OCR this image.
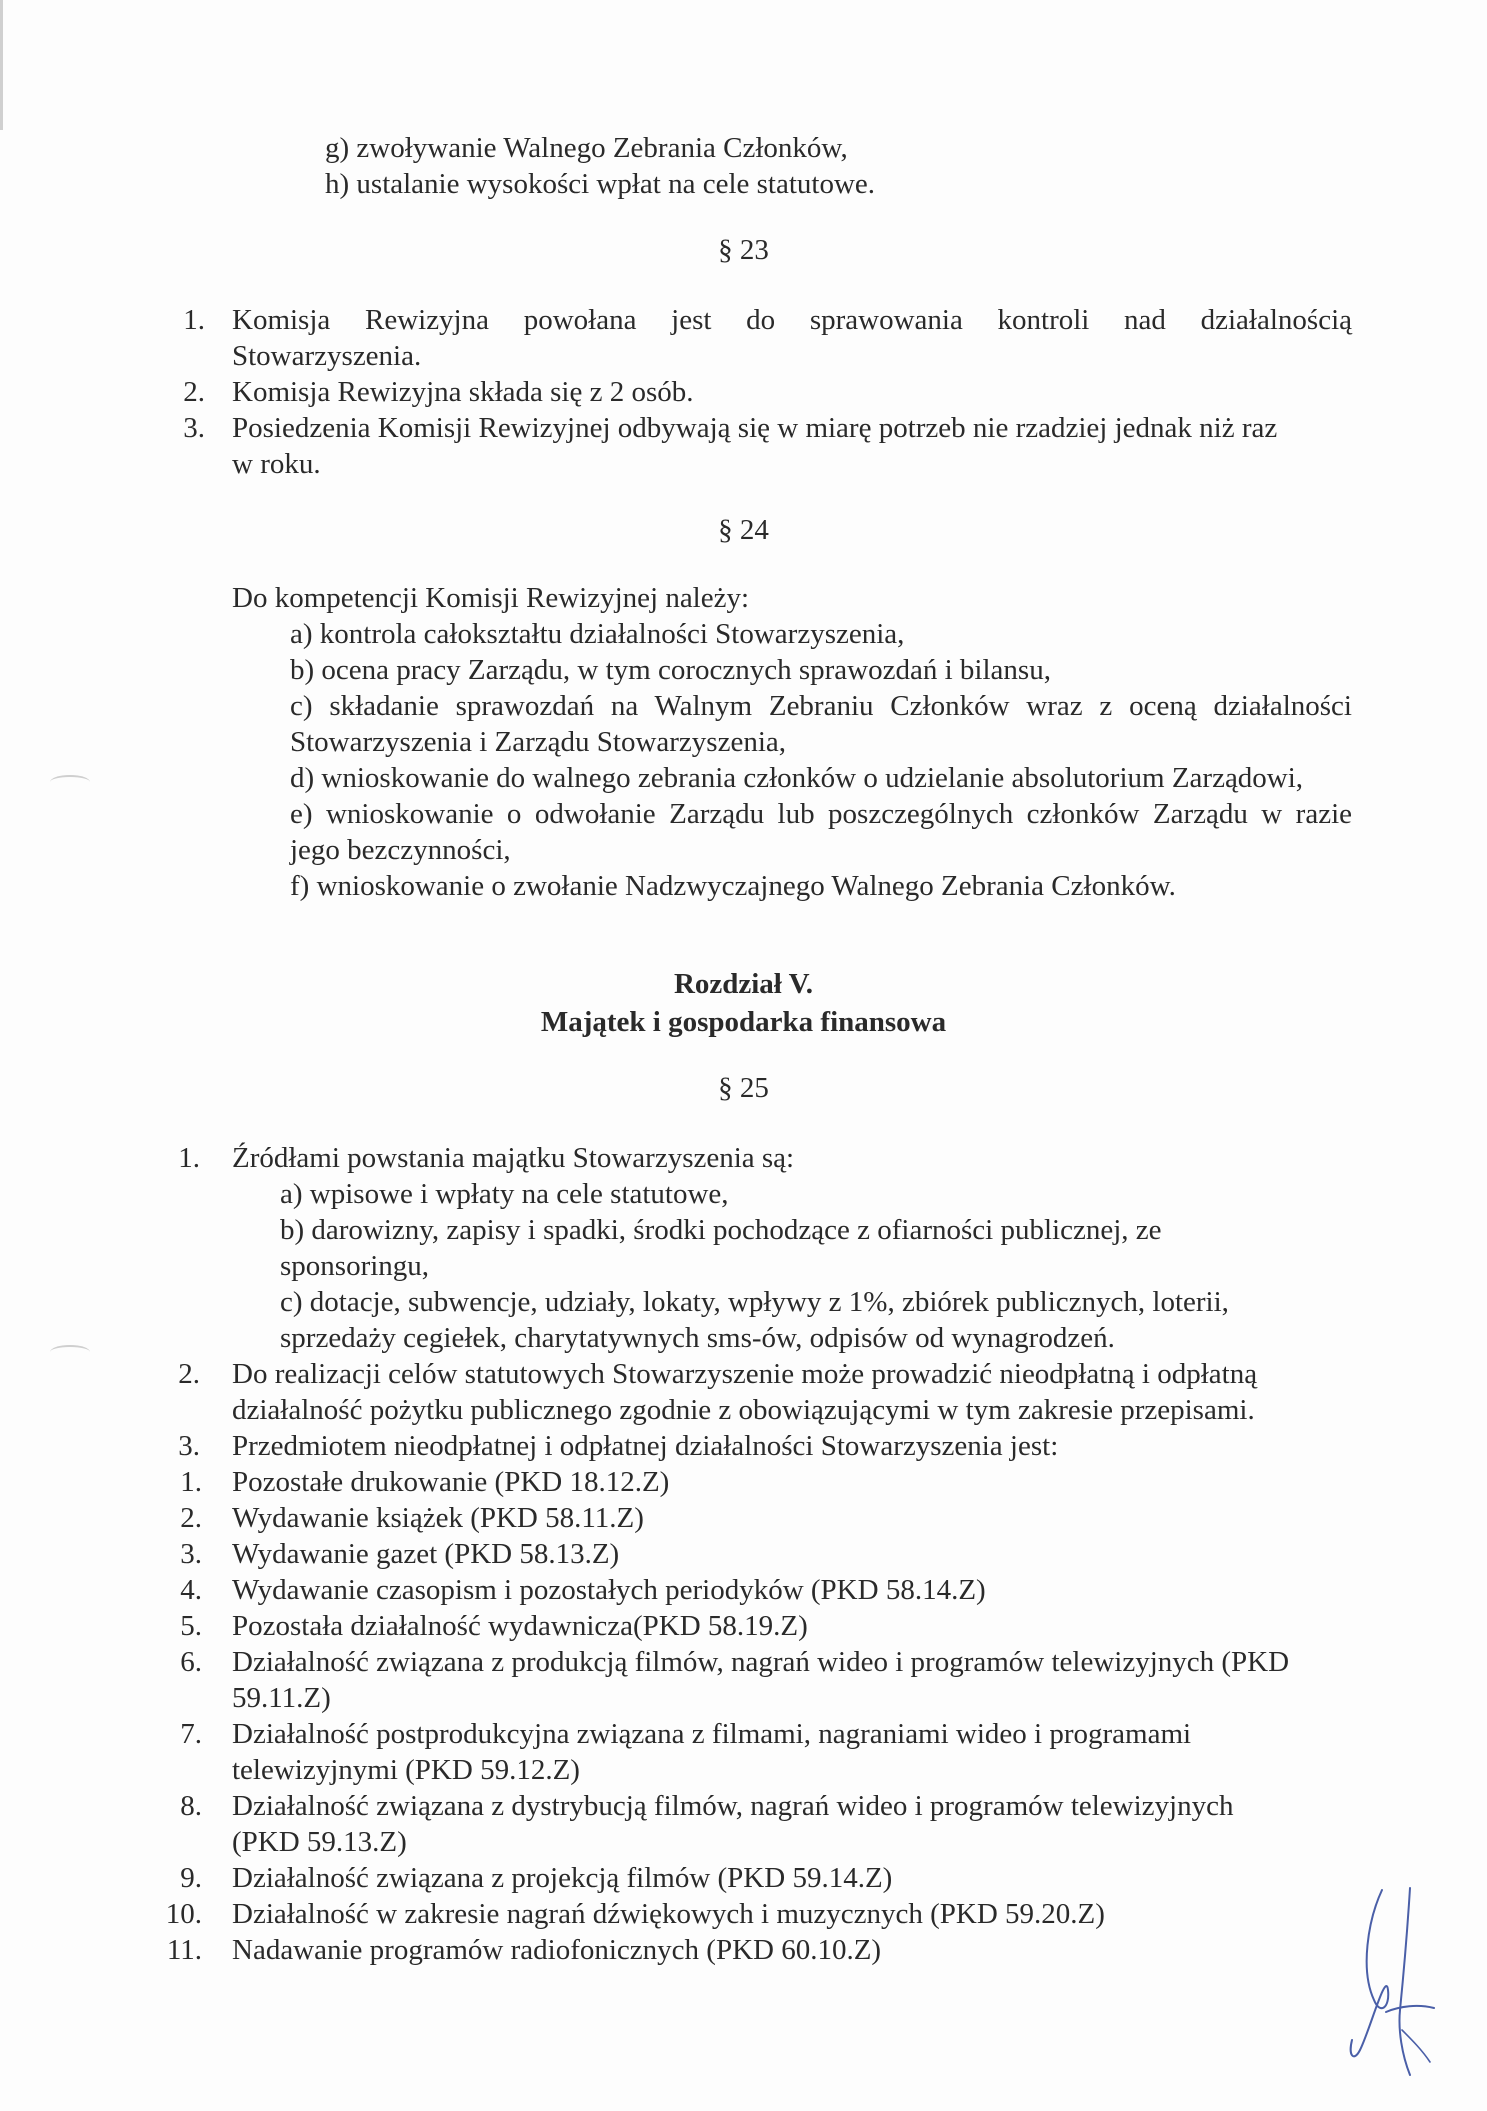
g) zwoływanie Walnego Zebrania Członków,
h) ustalanie wysokości wpłat na cele statutowe.
§ 23
1. Komisja Rewizyjna powołana jest do sprawowania kontroli nad działalnością
Stowarzyszenia.
2. Komisja Rewizyjna składa się z 2 osób.
3. Posiedzenia Komisji Rewizyjnej odbywają się w miarę potrzeb nie rzadziej jednak niż raz
w roku.
§ 24
Do kompetencji Komisji Rewizyjnej należy:
a) kontrola całokształtu działalności Stowarzyszenia,
b) ocena pracy Zarządu, w tym corocznych sprawozdań i bilansu,
c) składanie sprawozdań na Walnym Zebraniu Członków wraz z oceną działalności
Stowarzyszenia i Zarządu Stowarzyszenia,
d) wnioskowanie do walnego zebrania członków o udzielanie absolutorium Zarządowi,
e) wnioskowanie o odwołanie Zarządu lub poszczególnych członków Zarządu w razie
jego bezczynności,
f) wnioskowanie o zwołanie Nadzwyczajnego Walnego Zebrania Członków.
Rozdział V.
Majątek i gospodarka finansowa
§ 25
1. Źródłami powstania majątku Stowarzyszenia są:
a) wpisowe i wpłaty na cele statutowe,
b) darowizny, zapisy i spadki, środki pochodzące z ofiarności publicznej, ze
sponsoringu,
c) dotacje, subwencje, udziały, lokaty, wpływy z 1%, zbiórek publicznych, loterii,
sprzedaży cegiełek, charytatywnych sms-ów, odpisów od wynagrodzeń.
2. Do realizacji celów statutowych Stowarzyszenie może prowadzić nieodpłatną i odpłatną
działalność pożytku publicznego zgodnie z obowiązującymi w tym zakresie przepisami.
3. Przedmiotem nieodpłatnej i odpłatnej działalności Stowarzyszenia jest:
1. Pozostałe drukowanie (PKD 18.12.Z)
2. Wydawanie książek (PKD 58.11.Z)
3. Wydawanie gazet (PKD 58.13.Z)
4. Wydawanie czasopism i pozostałych periodyków (PKD 58.14.Z)
5. Pozostała działalność wydawnicza(PKD 58.19.Z)
6. Działalność związana z produkcją filmów, nagrań wideo i programów telewizyjnych (PKD
59.11.Z)
7. Działalność postprodukcyjna związana z filmami, nagraniami wideo i programami
telewizyjnymi (PKD 59.12.Z)
8. Działalność związana z dystrybucją filmów, nagrań wideo i programów telewizyjnych
(PKD 59.13.Z)
9. Działalność związana z projekcją filmów (PKD 59.14.Z)
10. Działalność w zakresie nagrań dźwiękowych i muzycznych (PKD 59.20.Z)
11. Nadawanie programów radiofonicznych (PKD 60.10.Z)
